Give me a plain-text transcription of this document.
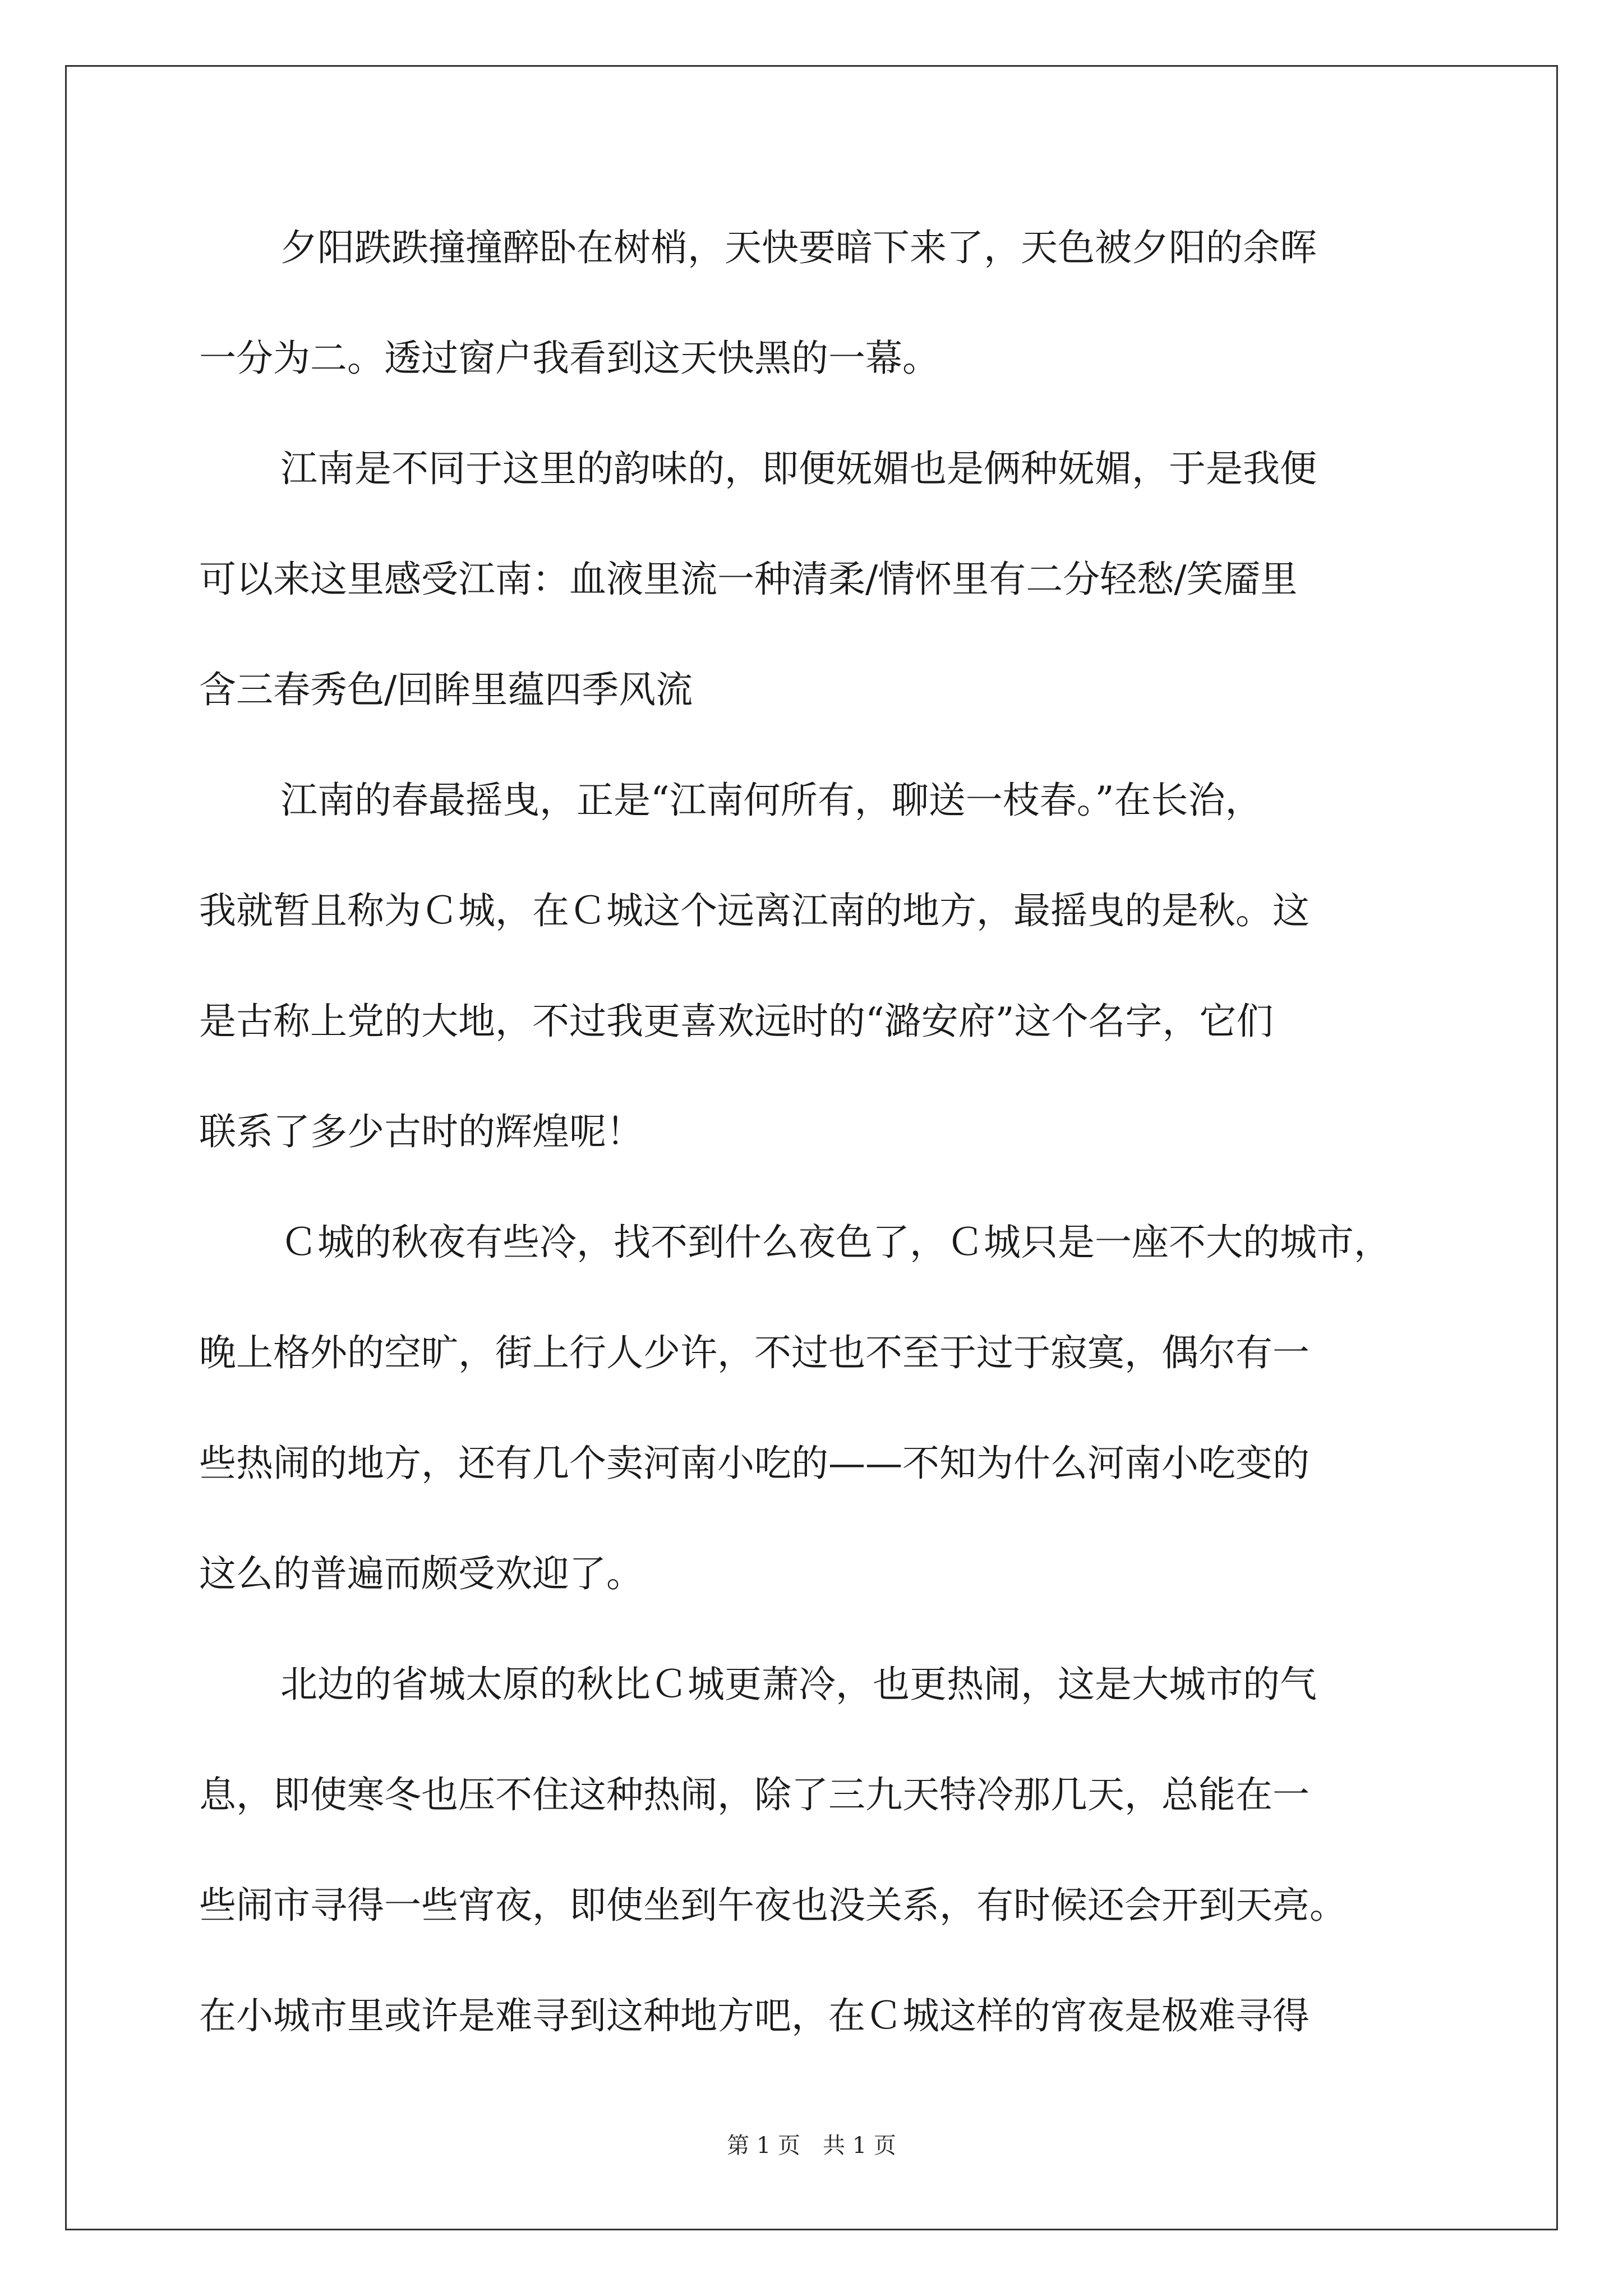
夕阳跌跌撞撞醉卧在树梢，天快要暗下来了，天色被夕阳的余晖
一分为二。透过窗户我看到这天快黑的一幕。
江南是不同于这里的韵味的，即便妩媚也是俩种妩媚，于是我便
可以来这里感受江南：血液里流一种清柔/情怀里有二分轻愁/笑靥里
含三春秀色/回眸里蕴四季风流
江南的春最摇曳，正是“江南何所有，聊送一枝春。”在长治，
我就暂且称为Ｃ城，在Ｃ城这个远离江南的地方，最摇曳的是秋。这
是古称上党的大地，不过我更喜欢远时的“潞安府”这个名字，它们
联系了多少古时的辉煌呢！
Ｃ城的秋夜有些冷，找不到什么夜色了，Ｃ城只是一座不大的城市，
晚上格外的空旷，街上行人少许，不过也不至于过于寂寞，偶尔有一
些热闹的地方，还有几个卖河南小吃的——不知为什么河南小吃变的
这么的普遍而颇受欢迎了。
北边的省城太原的秋比Ｃ城更萧冷，也更热闹，这是大城市的气
息，即使寒冬也压不住这种热闹，除了三九天特冷那几天，总能在一
些闹市寻得一些宵夜，即使坐到午夜也没关系，有时候还会开到天亮。
在小城市里或许是难寻到这种地方吧，在Ｃ城这样的宵夜是极难寻得
第 1 页　共 1 页
